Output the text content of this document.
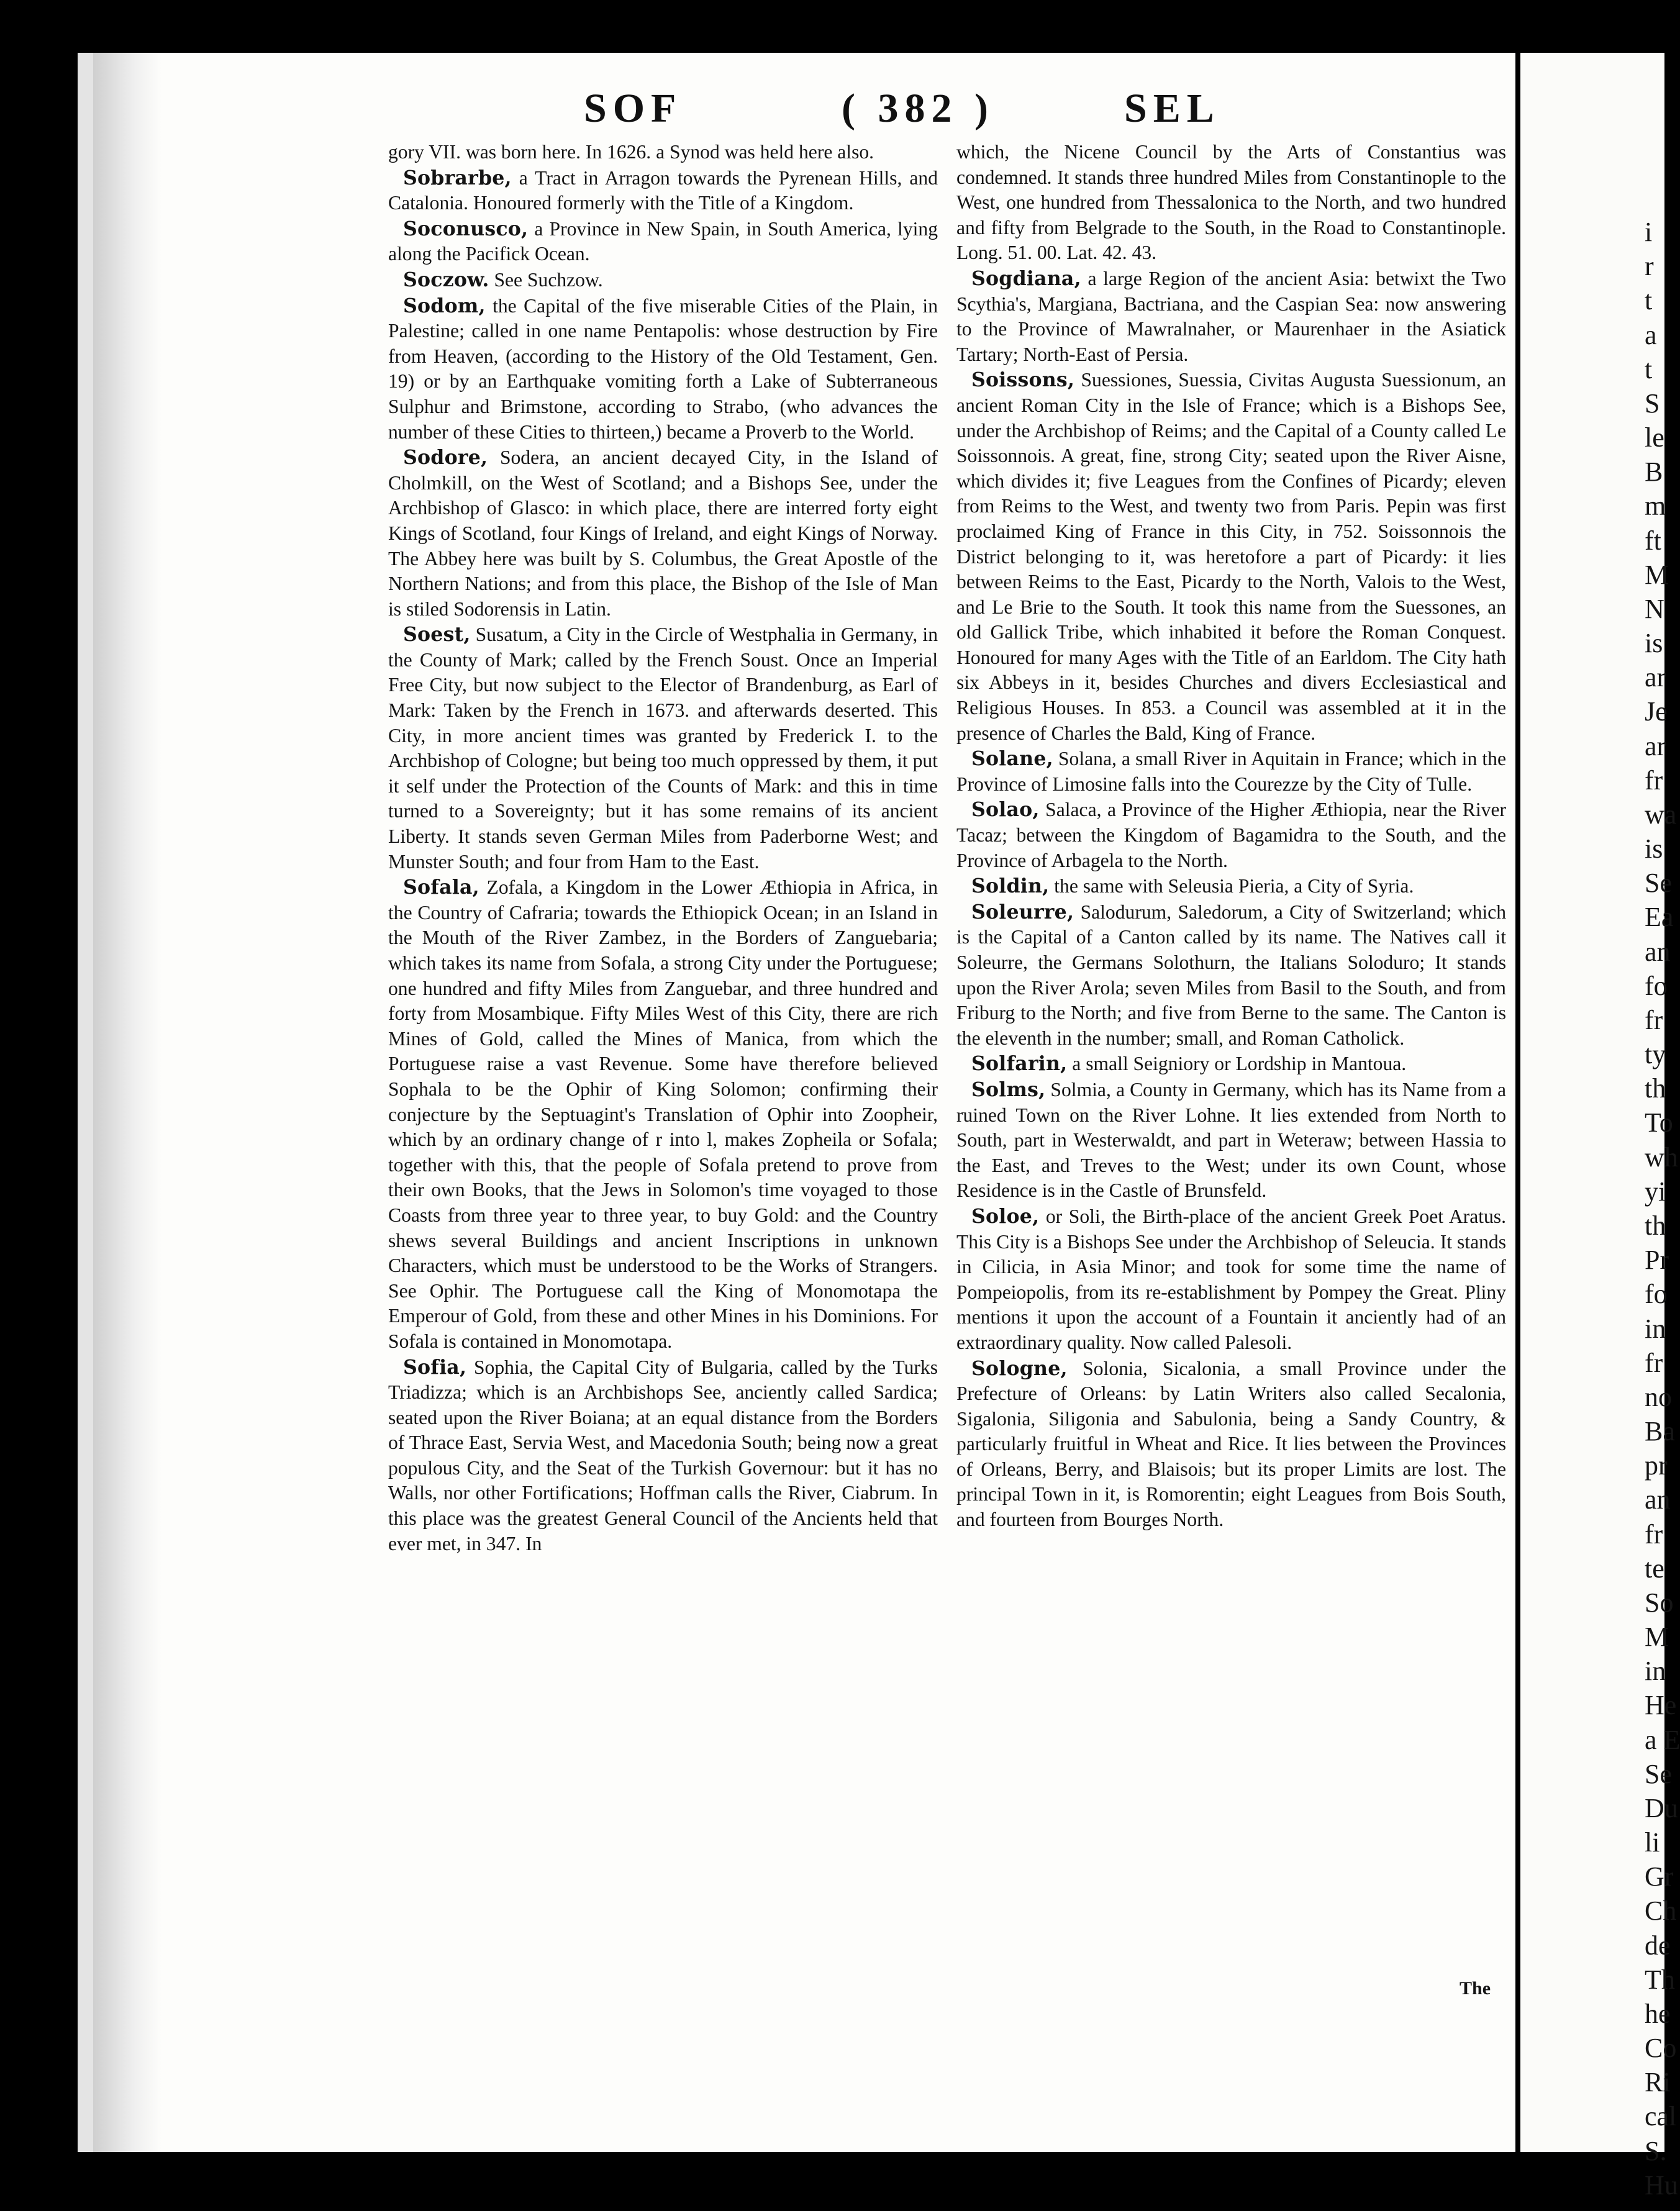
SOF	( 382 )	SEL

gory VII. was born here. In 1626. a Synod was held here also.

Sobrarbe, a Tract in Arragon towards the Pyrenean Hills, and Catalonia. Honoured formerly with the Title of a Kingdom.

Soconusco, a Province in New Spain, in South America, lying along the Pacifick Ocean.

Soczow. See Suchzow.

Sodom, the Capital of the five miserable Cities of the Plain, in Palestine; called in one name Pentapolis: whose destruction by Fire from Heaven, (according to the History of the Old Testament, Gen. 19) or by an Earthquake vomiting forth a Lake of Subterraneous Sulphur and Brimstone, according to Strabo, (who advances the number of these Cities to thirteen,) became a Proverb to the World.

Sodore, Sodera, an ancient decayed City, in the Island of Cholmkill, on the West of Scotland; and a Bishops See, under the Archbishop of Glasco: in which place, there are interred forty eight Kings of Scotland, four Kings of Ireland, and eight Kings of Norway. The Abbey here was built by S. Columbus, the Great Apostle of the Northern Nations; and from this place, the Bishop of the Isle of Man is stiled Sodorensis in Latin.

Soest, Susatum, a City in the Circle of Westphalia in Germany, in the County of Mark; called by the French Soust. Once an Imperial Free City, but now subject to the Elector of Brandenburg, as Earl of Mark: Taken by the French in 1673. and afterwards deserted. This City, in more ancient times was granted by Frederick I. to the Archbishop of Cologne; but being too much oppressed by them, it put it self under the Protection of the Counts of Mark: and this in time turned to a Sovereignty; but it has some remains of its ancient Liberty. It stands seven German Miles from Paderborne West; and Munster South; and four from Ham to the East.

Sofala, Zofala, a Kingdom in the Lower Æthiopia in Africa, in the Country of Cafraria; towards the Ethiopick Ocean; in an Island in the Mouth of the River Zambez, in the Borders of Zanguebaria; which takes its name from Sofala, a strong City under the Portuguese; one hundred and fifty Miles from Zanguebar, and three hundred and forty from Mosambique. Fifty Miles West of this City, there are rich Mines of Gold, called the Mines of Manica, from which the Portuguese raise a vast Revenue. Some have therefore believed Sophala to be the Ophir of King Solomon; confirming their conjecture by the Septuagint's Translation of Ophir into Zoopheir, which by an ordinary change of r into l, makes Zopheila or Sofala; together with this, that the people of Sofala pretend to prove from their own Books, that the Jews in Solomon's time voyaged to those Coasts from three year to three year, to buy Gold: and the Country shews several Buildings and ancient Inscriptions in unknown Characters, which must be understood to be the Works of Strangers. See Ophir. The Portuguese call the King of Monomotapa the Emperour of Gold, from these and other Mines in his Dominions. For Sofala is contained in Monomotapa.

Sofia, Sophia, the Capital City of Bulgaria, called by the Turks Triadizza; which is an Archbishops See, anciently called Sardica; seated upon the River Boiana; at an equal distance from the Borders of Thrace East, Servia West, and Macedonia South; being now a great populous City, and the Seat of the Turkish Governour: but it has no Walls, nor other Fortifications; Hoffman calls the River, Ciabrum. In this place was the greatest General Council of the Ancients held that ever met, in 347. In

which, the Nicene Council by the Arts of Constantius was condemned. It stands three hundred Miles from Constantinople to the West, one hundred from Thessalonica to the North, and two hundred and fifty from Belgrade to the South, in the Road to Constantinople. Long. 51. 00. Lat. 42. 43.

Sogdiana, a large Region of the ancient Asia: betwixt the Two Scythia's, Margiana, Bactriana, and the Caspian Sea: now answering to the Province of Mawralnaher, or Maurenhaer in the Asiatick Tartary; North-East of Persia.

Soissons, Suessiones, Suessia, Civitas Augusta Suessionum, an ancient Roman City in the Isle of France; which is a Bishops See, under the Archbishop of Reims; and the Capital of a County called Le Soissonnois. A great, fine, strong City; seated upon the River Aisne, which divides it; five Leagues from the Confines of Picardy; eleven from Reims to the West, and twenty two from Paris. Pepin was first proclaimed King of France in this City, in 752. Soissonnois the District belonging to it, was heretofore a part of Picardy: it lies between Reims to the East, Picardy to the North, Valois to the West, and Le Brie to the South. It took this name from the Suessones, an old Gallick Tribe, which inhabited it before the Roman Conquest. Honoured for many Ages with the Title of an Earldom. The City hath six Abbeys in it, besides Churches and divers Ecclesiastical and Religious Houses. In 853. a Council was assembled at it in the presence of Charles the Bald, King of France.

Solane, Solana, a small River in Aquitain in France; which in the Province of Limosine falls into the Courezze by the City of Tulle.

Solao, Salaca, a Province of the Higher Æthiopia, near the River Tacaz; between the Kingdom of Bagamidra to the South, and the Province of Arbagela to the North.

Soldin, the same with Seleusia Pieria, a City of Syria.

Soleurre, Salodurum, Saledorum, a City of Switzerland; which is the Capital of a Canton called by its name. The Natives call it Soleurre, the Germans Solothurn, the Italians Soloduro; It stands upon the River Arola; seven Miles from Basil to the South, and from Friburg to the North; and five from Berne to the same. The Canton is the eleventh in the number; small, and Roman Catholick.

Solfarin, a small Seigniory or Lordship in Mantoua.

Solms, Solmia, a County in Germany, which has its Name from a ruined Town on the River Lohne. It lies extended from North to South, part in Westerwaldt, and part in Weteraw; between Hassia to the East, and Treves to the West; under its own Count, whose Residence is in the Castle of Brunsfeld.

Soloe, or Soli, the Birth-place of the ancient Greek Poet Aratus. This City is a Bishops See under the Archbishop of Seleucia. It stands in Cilicia, in Asia Minor; and took for some time the name of Pompeiopolis, from its re-establishment by Pompey the Great. Pliny mentions it upon the account of a Fountain it anciently had of an extraordinary quality. Now called Palesoli.

Sologne, Solonia, Sicalonia, a small Province under the Prefecture of Orleans: by Latin Writers also called Secalonia, Sigalonia, Siligonia and Sabulonia, being a Sandy Country, & particularly fruitful in Wheat and Rice. It lies between the Provinces of Orleans, Berry, and Blaisois; but its proper Limits are lost. The principal Town in it, is Romorentin; eight Leagues from Bois South, and fourteen from Bourges North.

The
i
r
t
a
t
S
le
B
m
ft
M
N
is
ar
Je
ar
fr
wa
is
Se
Ea
an
fo
fr
ty
th
To
wh
yi
th
Pr
fo
in
fr
no
Ba
pr
an
fr
te
So
M
in
He
a E
Se
Du
li
Gr
Ch
de
Th
he
Co
Ri
cal
S.
Hu
